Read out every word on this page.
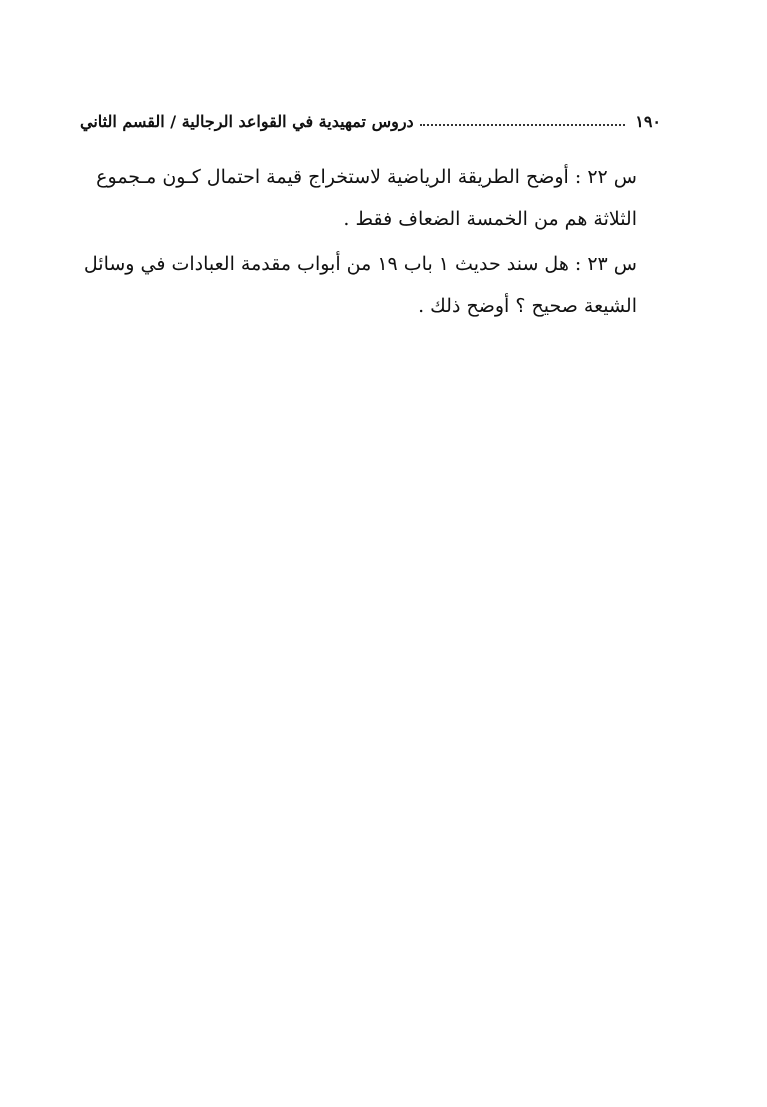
١٩٠
دروس تمهيدية في القواعد الرجالية / القسم الثاني
س ٢٢ : أوضح الطريقة الرياضية لاستخراج قيمة احتمال كـون مـجموع
الثلاثة هم من الخمسة الضعاف فقط .
س ٢٣ : هل سند حديث ١ باب ١٩ من أبواب مقدمة العبادات في وسائل
الشيعة صحيح ؟ أوضح ذلك .
